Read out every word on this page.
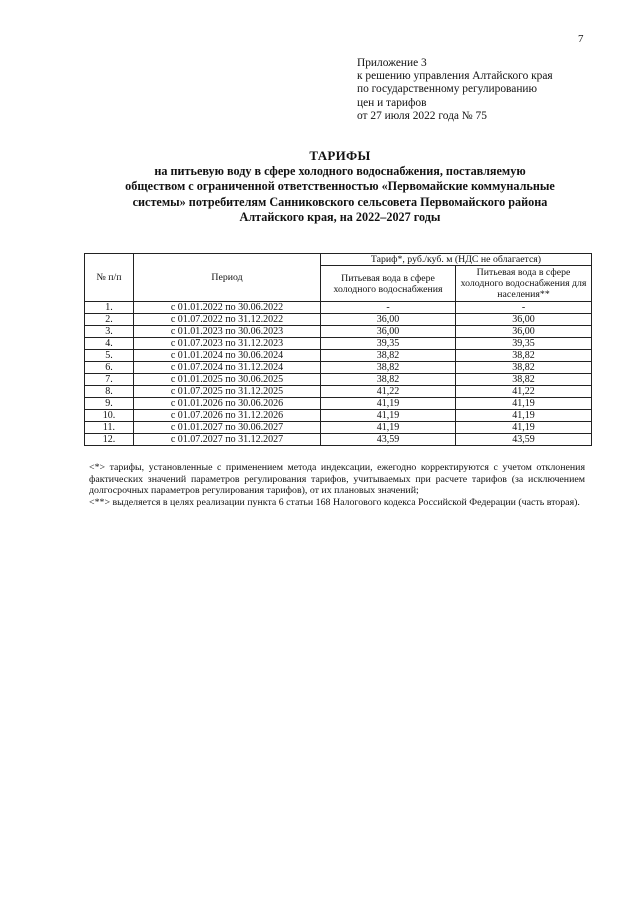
7
Приложение 3
к решению управления Алтайского края
по государственному регулированию
цен и тарифов
от 27 июля 2022 года № 75
ТАРИФЫ
на питьевую воду в сфере холодного водоснабжения, поставляемую
обществом с ограниченной ответственностью «Первомайские коммунальные
системы» потребителям Санниковского сельсовета Первомайского района
Алтайского края, на 2022–2027 годы
№ п/п	Период	Тариф*, руб./куб. м (НДС не облагается)	
		Питьевая вода в сфере холодного водоснабжения	Питьевая вода в сфере холодного водоснабжения для населения**
1.	с 01.01.2022 по 30.06.2022	-	-
2.	с 01.07.2022 по 31.12.2022	36,00	36,00
3.	с 01.01.2023 по 30.06.2023	36,00	36,00
4.	с 01.07.2023 по 31.12.2023	39,35	39,35
5.	с 01.01.2024 по 30.06.2024	38,82	38,82
6.	с 01.07.2024 по 31.12.2024	38,82	38,82
7.	с 01.01.2025 по 30.06.2025	38,82	38,82
8.	с 01.07.2025 по 31.12.2025	41,22	41,22
9.	с 01.01.2026 по 30.06.2026	41,19	41,19
10.	с 01.07.2026 по 31.12.2026	41,19	41,19
11.	с 01.01.2027 по 30.06.2027	41,19	41,19
12.	с 01.07.2027 по 31.12.2027	43,59	43,59

<*> тарифы, установленные с применением метода индексации, ежегодно корректируются с учетом отклонения фактических значений параметров регулирования тарифов, учитываемых при расчете тарифов (за исключением долгосрочных параметров регулирования тарифов), от их плановых значений;

<**> выделяется в целях реализации пункта 6 статьи 168 Налогового кодекса Российской Федерации (часть вторая).
